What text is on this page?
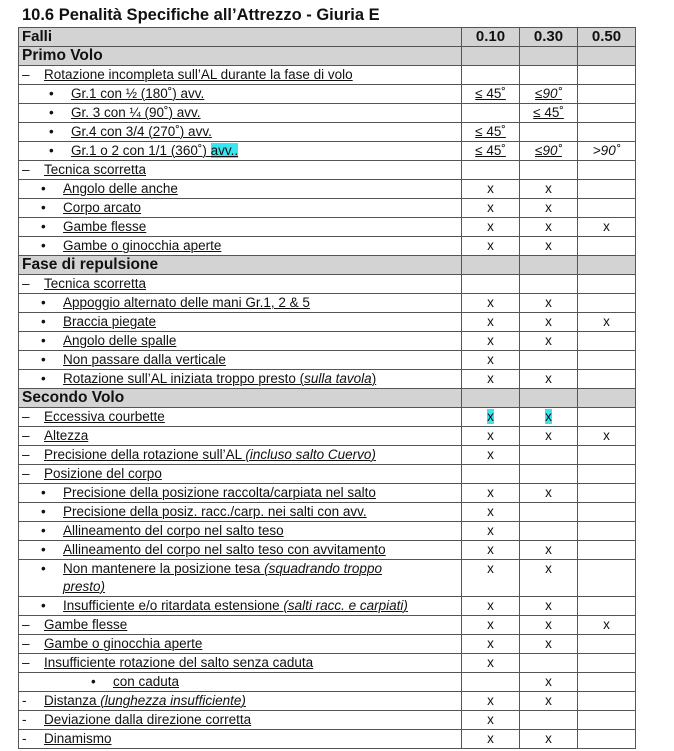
10.6 Penalità Specifiche all’Attrezzo - Giuria E
Falli	0.10	0.30	0.50
Primo Volo			
– Rotazione incompleta sull’AL durante la fase di volo			
• Gr.1 con ½ (180˚) avv.	≤ 45˚	≤90˚	
• Gr. 3 con ¼ (90˚) avv.		≤ 45˚	
• Gr.4 con 3/4 (270˚) avv.	≤ 45˚		
• Gr.1 o 2 con 1/1 (360˚) avv..	≤ 45˚	≤90˚	>90˚
– Tecnica scorretta			
• Angolo delle anche	x	x	
• Corpo arcato	x	x	
• Gambe flesse	x	x	x
• Gambe o ginocchia aperte	x	x	
Fase di repulsione			
– Tecnica scorretta			
• Appoggio alternato delle mani Gr.1, 2 & 5	x	x	
• Braccia piegate	x	x	x
• Angolo delle spalle	x	x	
• Non passare dalla verticale	x		
• Rotazione sull’AL iniziata troppo presto (sulla tavola)	x	x	
Secondo Volo			
– Eccessiva courbette	x	x	
– Altezza	x	x	x
– Precisione della rotazione sull’AL (incluso salto Cuervo)	x		
– Posizione del corpo			
• Precisione della posizione raccolta/carpiata nel salto	x	x	
• Precisione della posiz. racc./carp. nei salti con avv.	x		
• Allineamento del corpo nel salto teso	x		
• Allineamento del corpo nel salto teso con avvitamento	x	x	
• Non mantenere la posizione tesa (squadrando troppo presto)	x	x	
• Insufficiente e/o ritardata estensione (salti racc. e carpiati)	x	x	
– Gambe flesse	x	x	x
– Gambe o ginocchia aperte	x	x	
– Insufficiente rotazione del salto senza caduta	x		
• con caduta		x	
- Distanza (lunghezza insufficiente)	x	x	
- Deviazione dalla direzione corretta	x		
- Dinamismo	x	x	
